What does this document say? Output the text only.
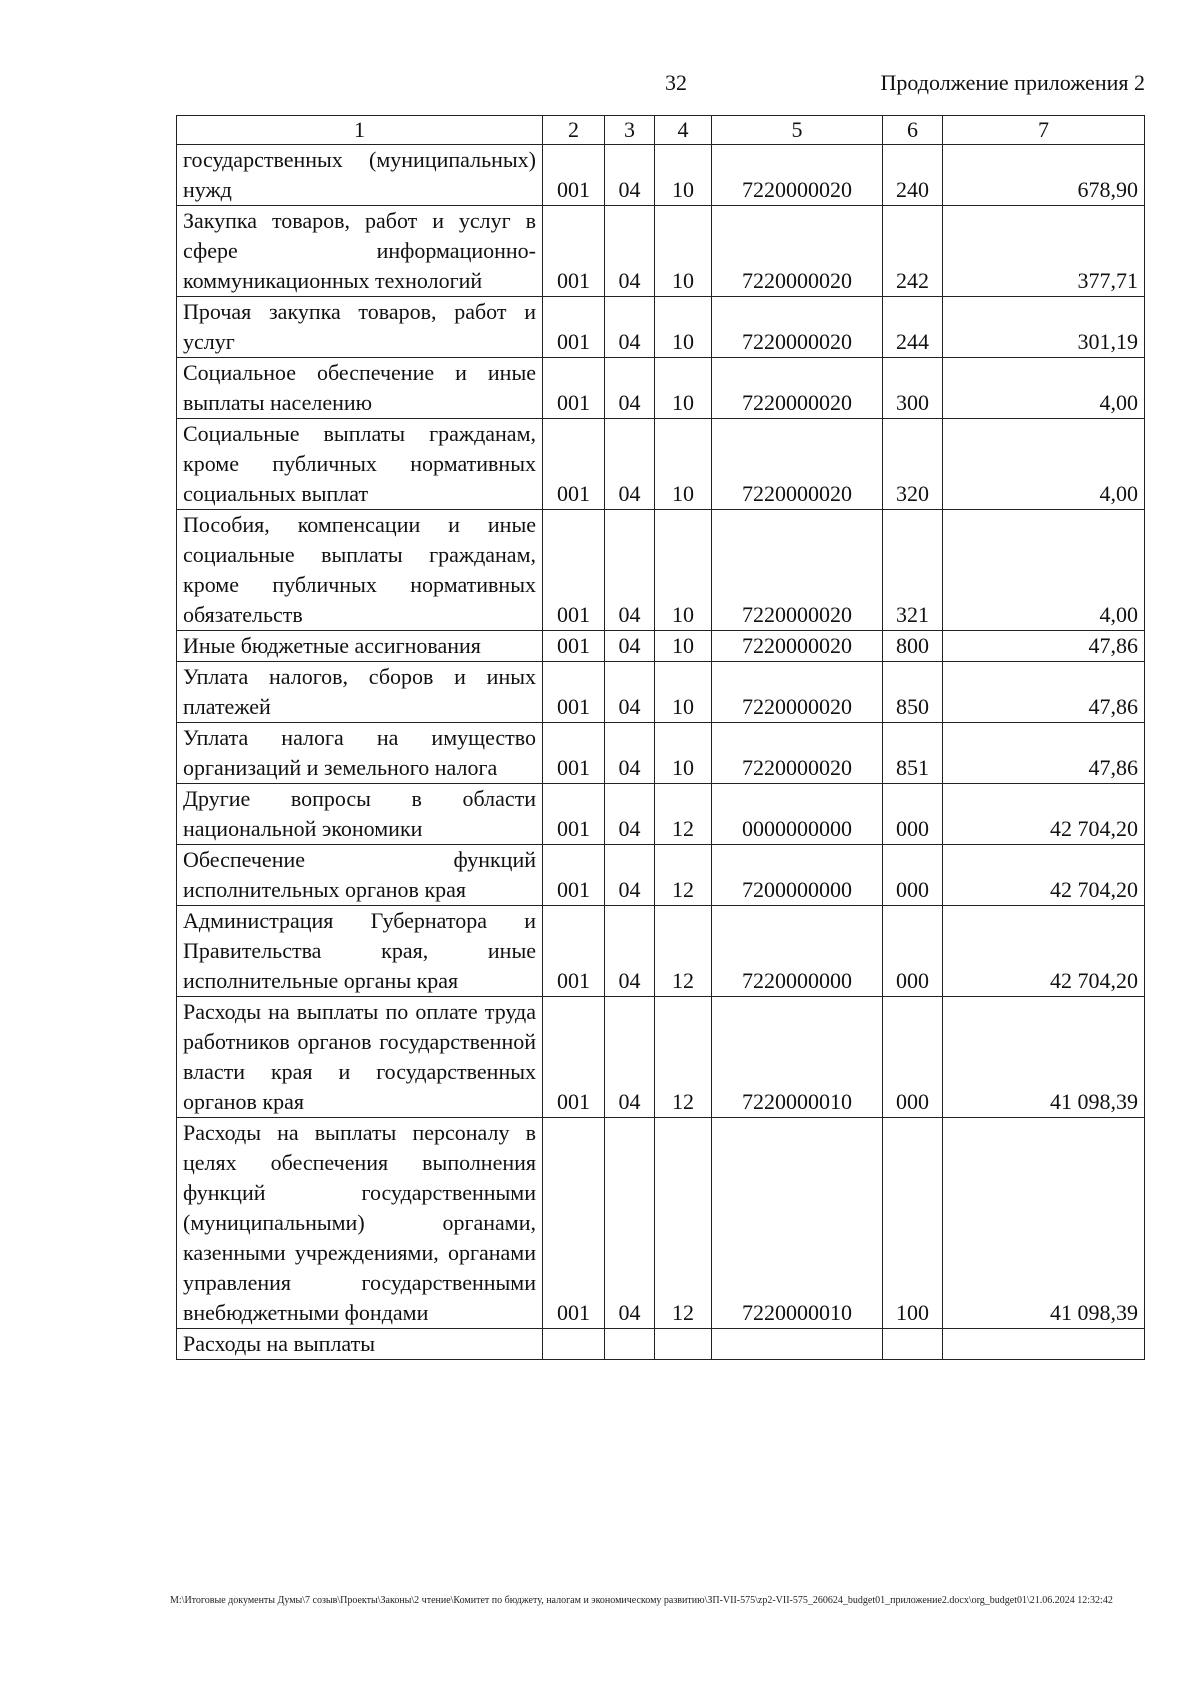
32	Продолжение приложения 2
1	2	3	4	5	6	7
государственных (муниципальных) нужд	001	04	10	7220000020	240	678,90
Закупка товаров, работ и услуг в сфере информационно-коммуникационных технологий	001	04	10	7220000020	242	377,71
Прочая закупка товаров, работ и услуг	001	04	10	7220000020	244	301,19
Социальное обеспечение и иные выплаты населению	001	04	10	7220000020	300	4,00
Социальные выплаты гражданам, кроме публичных нормативных социальных выплат	001	04	10	7220000020	320	4,00
Пособия, компенсации и иные социальные выплаты гражданам, кроме публичных нормативных обязательств	001	04	10	7220000020	321	4,00
Иные бюджетные ассигнования	001	04	10	7220000020	800	47,86
Уплата налогов, сборов и иных платежей	001	04	10	7220000020	850	47,86
Уплата налога на имущество организаций и земельного налога	001	04	10	7220000020	851	47,86
Другие вопросы в области национальной экономики	001	04	12	0000000000	000	42 704,20
Обеспечение функций исполнительных органов края	001	04	12	7200000000	000	42 704,20
Администрация Губернатора и Правительства края, иные исполнительные органы края	001	04	12	7220000000	000	42 704,20
Расходы на выплаты по оплате труда работников органов государственной власти края и государственных органов края	001	04	12	7220000010	000	41 098,39
Расходы на выплаты персоналу в целях обеспечения выполнения функций государственными (муниципальными) органами, казенными учреждениями, органами управления государственными внебюджетными фондами	001	04	12	7220000010	100	41 098,39
Расходы на выплаты						
M:\Итоговые документы Думы\7 созыв\Проекты\Законы\2 чтение\Комитет по бюджету, налогам и экономическому развитию\ЗП-VII-575\zp2-VII-575_260624_budget01_приложение2.docx\org_budget01\21.06.2024 12:32:42
